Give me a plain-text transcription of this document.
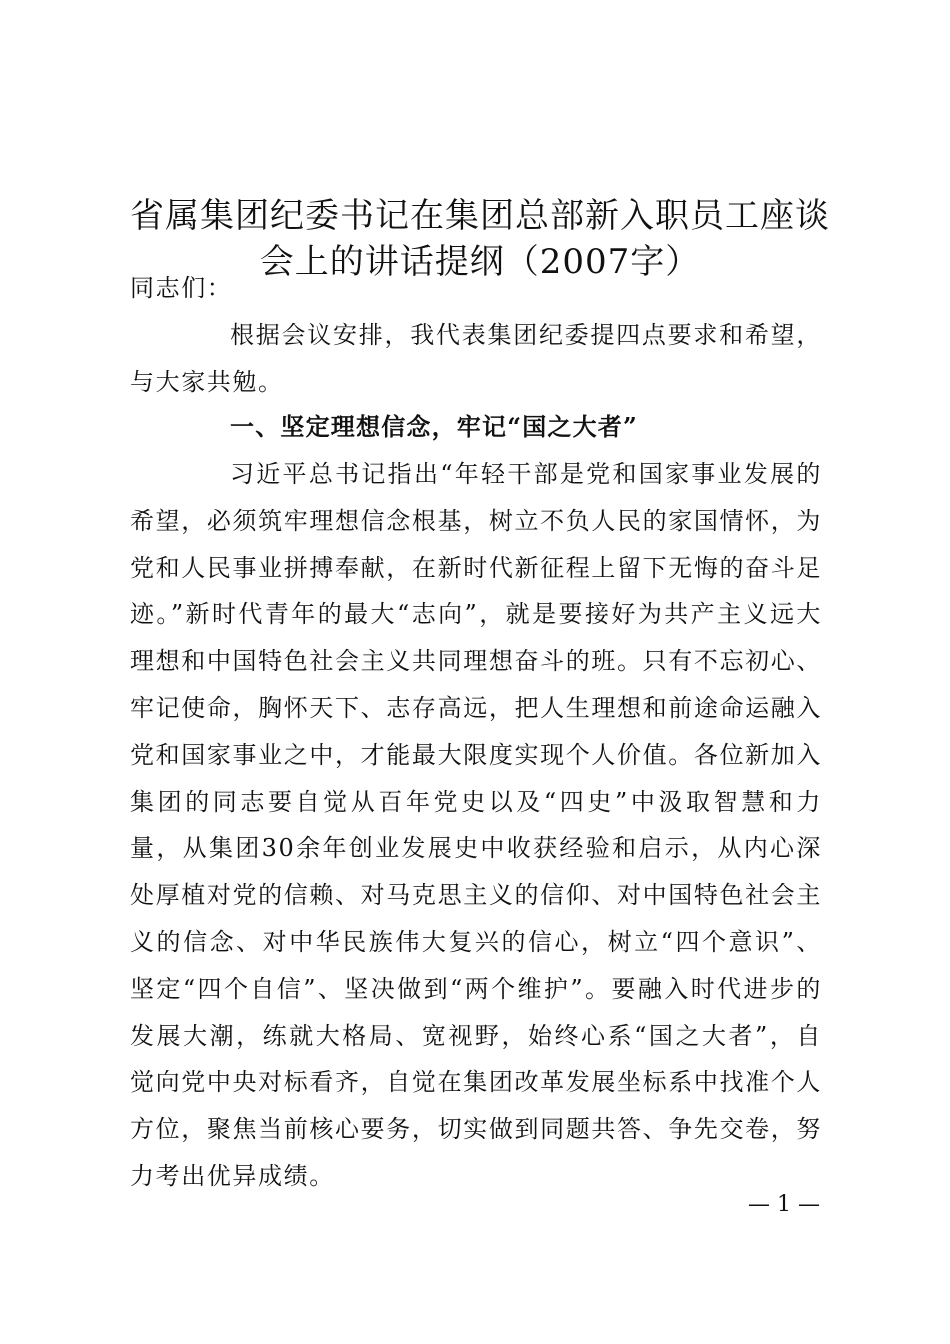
省属集团纪委书记在集团总部新入职员工座谈
会上的讲话提纲（2007字）
同志们：

根据会议安排，我代表集团纪委提四点要求和希望，与大家共勉。

一、坚定理想信念，牢记“国之大者”

习近平总书记指出“年轻干部是党和国家事业发展的希望，必须筑牢理想信念根基，树立不负人民的家国情怀，为党和人民事业拼搏奉献，在新时代新征程上留下无悔的奋斗足迹。”新时代青年的最大“志向”，就是要接好为共产主义远大理想和中国特色社会主义共同理想奋斗的班。只有不忘初心、牢记使命，胸怀天下、志存高远，把人生理想和前途命运融入党和国家事业之中，才能最大限度实现个人价值。各位新加入集团的同志要自觉从百年党史以及“四史”中汲取智慧和力量，从集团30余年创业发展史中收获经验和启示，从内心深处厚植对党的信赖、对马克思主义的信仰、对中国特色社会主义的信念、对中华民族伟大复兴的信心，树立“四个意识”、坚定“四个自信”、坚决做到“两个维护”。要融入时代进步的发展大潮，练就大格局、宽视野，始终心系“国之大者”，自觉向党中央对标看齐，自觉在集团改革发展坐标系中找准个人方位，聚焦当前核心要务，切实做到同题共答、争先交卷，努力考出优异成绩。

— 1 —
